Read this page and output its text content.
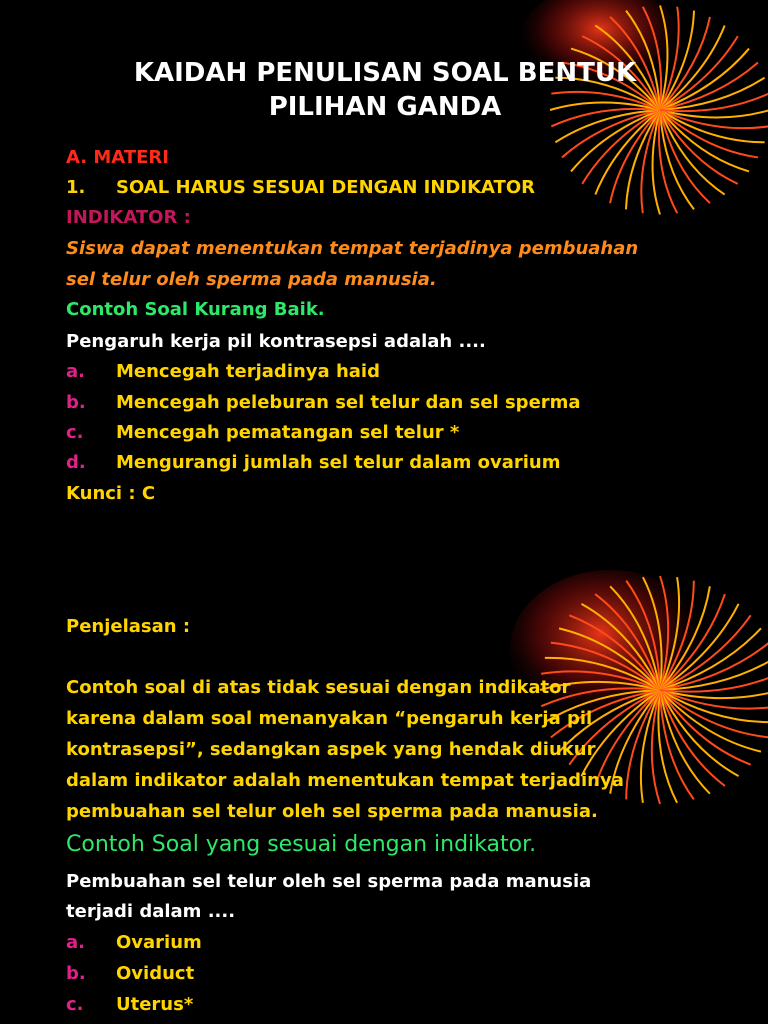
KAIDAH PENULISAN SOAL BENTUK
PILIHAN GANDA
A. MATERI
1. SOAL HARUS SESUAI DENGAN INDIKATOR
INDIKATOR :
Siswa dapat menentukan tempat terjadinya pembuahan
sel telur oleh sperma pada manusia.
Contoh Soal Kurang Baik.
Pengaruh kerja pil kontrasepsi adalah ....
a. Mencegah terjadinya haid
b. Mencegah peleburan sel telur dan sel sperma
c. Mencegah pematangan sel telur *
d. Mengurangi jumlah sel telur dalam ovarium
Kunci : C
Penjelasan :
Contoh soal di atas tidak sesuai dengan indikator
karena dalam soal menanyakan “pengaruh kerja pil
kontrasepsi”, sedangkan aspek yang hendak diukur
dalam indikator adalah menentukan tempat terjadinya
pembuahan sel telur oleh sel sperma pada manusia.
Contoh Soal yang sesuai dengan indikator.
Pembuahan sel telur oleh sel sperma pada manusia
terjadi dalam ....
a. Ovarium
b. Oviduct
c. Uterus*
